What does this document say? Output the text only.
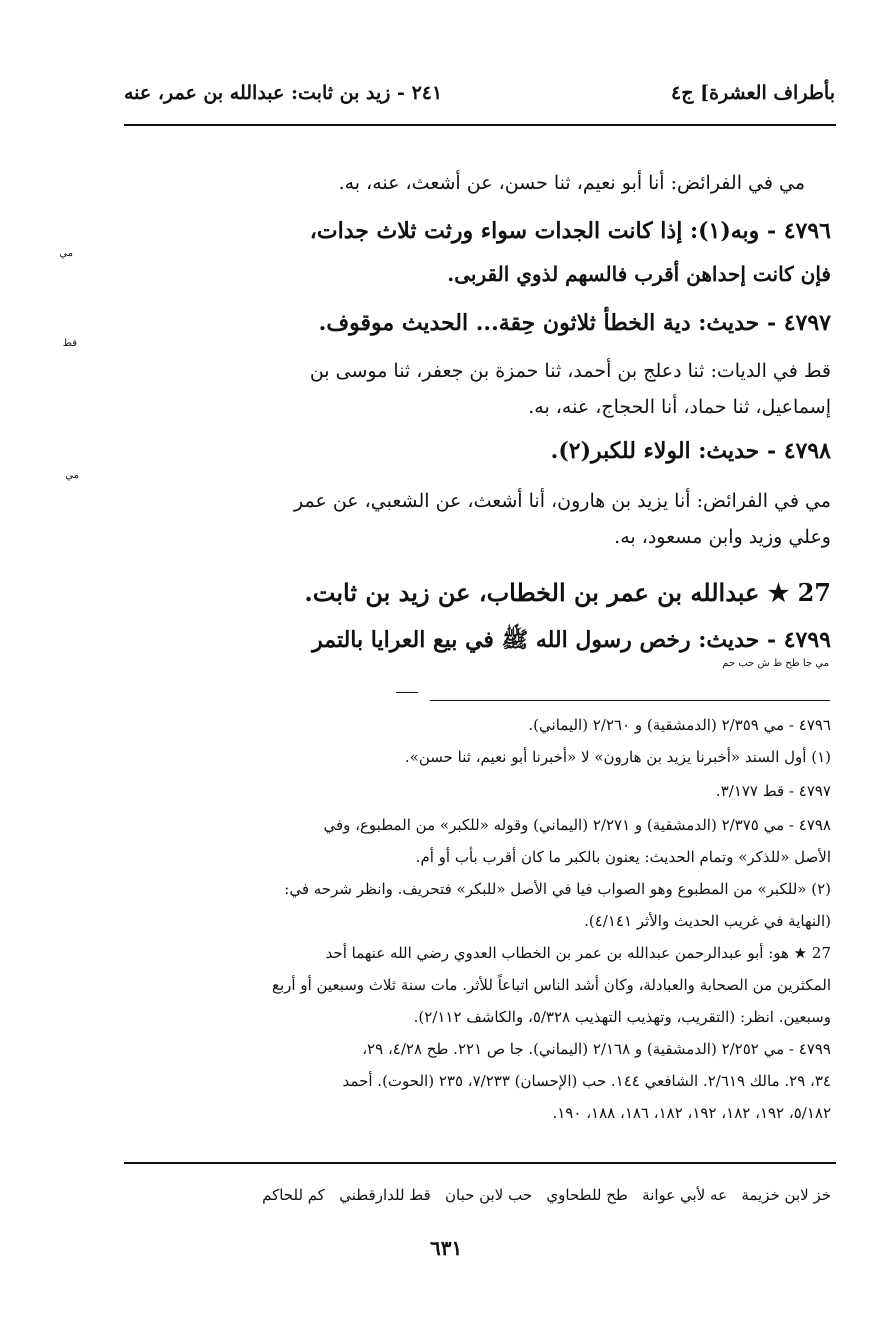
بأطراف العشرة] ج٤
٢٤١ - زيد بن ثابت: عبدالله بن عمر، عنه
مي في الفرائض: أنا أبو نعيم، ثنا حسن، عن أشعث، عنه، به.
٤٧٩٦ - وبه(١): إذا كانت الجدات سواء ورثت ثلاث جدات،
مي
فإن كانت إحداهن أقرب فالسهم لذوي القربى.
٤٧٩٧ - حديث: دية الخطأ ثلاثون حِقة... الحديث موقوف.
قط
قط في الديات: ثنا دعلج بن أحمد، ثنا حمزة بن جعفر، ثنا موسى بن
إسماعيل، ثنا حماد، أنا الحجاج، عنه، به.
٤٧٩٨ - حديث: الولاء للكبر(٢).
مي
مي في الفرائض: أنا يزيد بن هارون، أنا أشعث، عن الشعبي، عن عمر
وعلي وزيد وابن مسعود، به.
27 ★ عبدالله بن عمر بن الخطاب، عن زيد بن ثابت.
٤٧٩٩ - حديث: رخص رسول الله ﷺ في بيع العرايا بالتمر
مي جا طح ط ش حب حم
٤٧٩٦ - مي ٢/٣٥٩ (الدمشقية) و ٢/٢٦٠ (اليماني).
(١) أول السند «أخبرنا يزيد بن هارون» لا «أخبرنا أبو نعيم، ثنا حسن».
٤٧٩٧ - قط ٣/١٧٧.
٤٧٩٨ - مي ٢/٣٧٥ (الدمشقية) و ٢/٢٧١ (اليماني) وقوله «للكبر» من المطبوع، وفي
الأصل «للذكر» وتمام الحديث: يعنون بالكبر ما كان أقرب بأب أو أم.
(٢) «للكبر» من المطبوع وهو الصواب فيا في الأصل «للبكر» فتحريف. وانظر شرحه في:
(النهاية في غريب الحديث والأثر ٤/١٤١).
27 ★ هو: أبو عبدالرحمن عبدالله بن عمر بن الخطاب العدوي رضي الله عنهما أحد
المكثرين من الصحابة والعبادلة، وكان أشد الناس اتباعاً للأثر. مات سنة ثلاث وسبعين أو أربع
وسبعين. انظر: (التقريب، وتهذيب التهذيب ٥/٣٢٨، والكاشف ٢/١١٢).
٤٧٩٩ - مي ٢/٢٥٢ (الدمشقية) و ٢/١٦٨ (اليماني). جا ص ٢٢١. طح ٤/٢٨، ٢٩،
٣٤، ٢٩. مالك ٢/٦١٩. الشافعي ١٤٤. حب (الإحسان) ٧/٢٣٣، ٢٣٥ (الحوت). أحمد
٥/١٨٢، ١٩٢، ١٨٢، ١٩٢، ١٨٢، ١٨٦، ١٨٨، ١٩٠.
خز لابن خزيمة   عه لأبي عوانة   طح للطحاوي   حب لابن حبان   قط للدارقطني   كم للحاكم
٦٣١
